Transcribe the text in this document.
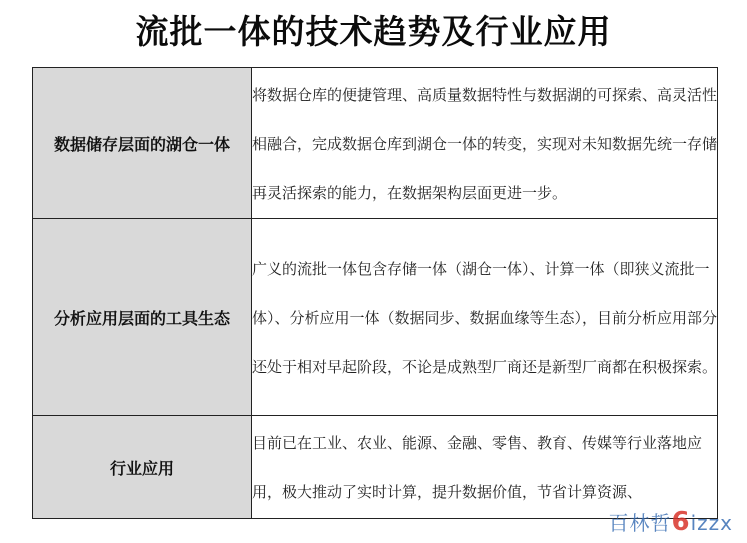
流批一体的技术趋势及行业应用
数据储存层面的湖仓一体	将数据仓库的便捷管理、高质量数据特性与数据湖的可探索、高灵活性相融合，完成数据仓库到湖仓一体的转变，实现对未知数据先统一存储再灵活探索的能力，在数据架构层面更进一步。

分析应用层面的工具生态	广义的流批一体包含存储一体（湖仓一体）、计算一体（即狭义流批一体）、分析应用一体（数据同步、数据血缘等生态），目前分析应用部分还处于相对早起阶段，不论是成熟型厂商还是新型厂商都在积极探索。

行业应用	目前已在工业、农业、能源、金融、零售、教育、传媒等行业落地应用，极大推动了实时计算，提升数据价值，节省计算资源、
百林哲6izzx
